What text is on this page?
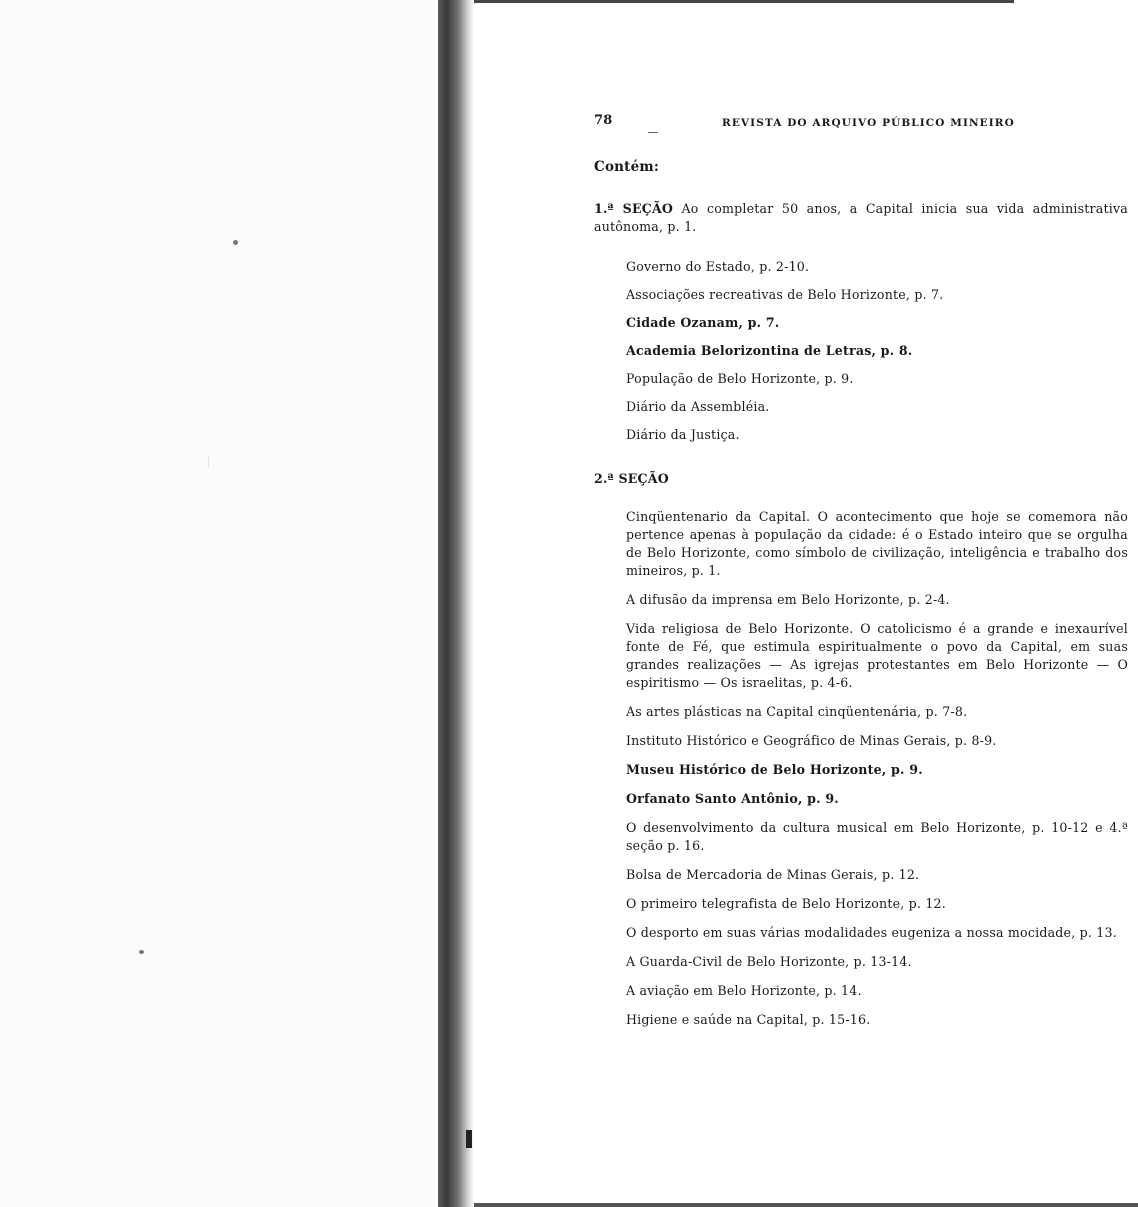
78	REVISTA DO ARQUIVO PÚBLICO MINEIRO
Contém:
1.ª SEÇÃO Ao completar 50 anos, a Capital inicia sua vida administrativa autônoma, p. 1.
Governo do Estado, p. 2-10.
Associações recreativas de Belo Horizonte, p. 7.
Cidade Ozanam, p. 7.
Academia Belorizontina de Letras, p. 8.
População de Belo Horizonte, p. 9.
Diário da Assembléia.
Diário da Justiça.
2.ª SEÇÃO
Cinqüentenario da Capital. O acontecimento que hoje se comemora não pertence apenas à população da cidade: é o Estado inteiro que se orgulha de Belo Horizonte, como símbolo de civilização, inteligência e trabalho dos mineiros, p. 1.
A difusão da imprensa em Belo Horizonte, p. 2-4.
Vida religiosa de Belo Horizonte. O catolicismo é a grande e inexaurível fonte de Fé, que estimula espiritualmente o povo da Capital, em suas grandes realizações — As igrejas protestantes em Belo Horizonte — O espiritismo — Os israelitas, p. 4-6.
As artes plásticas na Capital cinqüentenária, p. 7-8.
Instituto Histórico e Geográfico de Minas Gerais, p. 8-9.
Museu Histórico de Belo Horizonte, p. 9.
Orfanato Santo Antônio, p. 9.
O desenvolvimento da cultura musical em Belo Horizonte, p. 10-12 e 4.ª seção p. 16.
Bolsa de Mercadoria de Minas Gerais, p. 12.
O primeiro telegrafista de Belo Horizonte, p. 12.
O desporto em suas várias modalidades eugeniza a nossa mocidade, p. 13.
A Guarda-Civil de Belo Horizonte, p. 13-14.
A aviação em Belo Horizonte, p. 14.
Higiene e saúde na Capital, p. 15-16.
